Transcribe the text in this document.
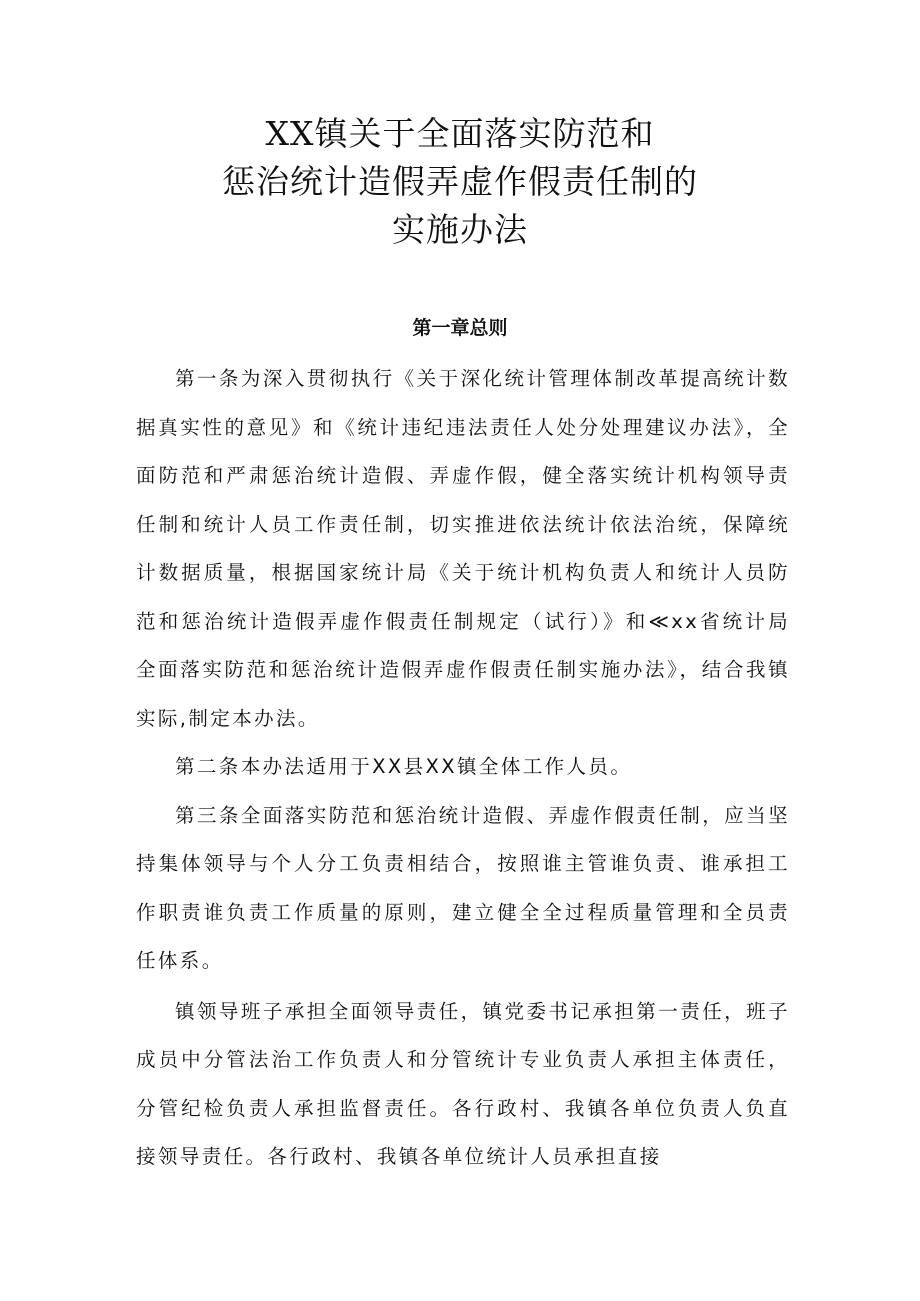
XX镇关于全面落实防范和
惩治统计造假弄虚作假责任制的
实施办法
第一章总则

第一条为深入贯彻执行《关于深化统计管理体制改革提高统计数据真实性的意见》和《统计违纪违法责任人处分处理建议办法》，全面防范和严肃惩治统计造假、弄虚作假，健全落实统计机构领导责任制和统计人员工作责任制，切实推进依法统计依法治统，保障统计数据质量，根据国家统计局《关于统计机构负责人和统计人员防范和惩治统计造假弄虚作假责任制规定（试行）》和≪xx省统计局全面落实防范和惩治统计造假弄虚作假责任制实施办法》，结合我镇实际,制定本办法。

第二条本办法适用于XX县XX镇全体工作人员。

第三条全面落实防范和惩治统计造假、弄虚作假责任制，应当坚持集体领导与个人分工负责相结合，按照谁主管谁负责、谁承担工作职责谁负责工作质量的原则，建立健全全过程质量管理和全员责任体系。

镇领导班子承担全面领导责任，镇党委书记承担第一责任，班子成员中分管法治工作负责人和分管统计专业负责人承担主体责任，分管纪检负责人承担监督责任。各行政村、我镇各单位负责人负直接领导责任。各行政村、我镇各单位统计人员承担直接
